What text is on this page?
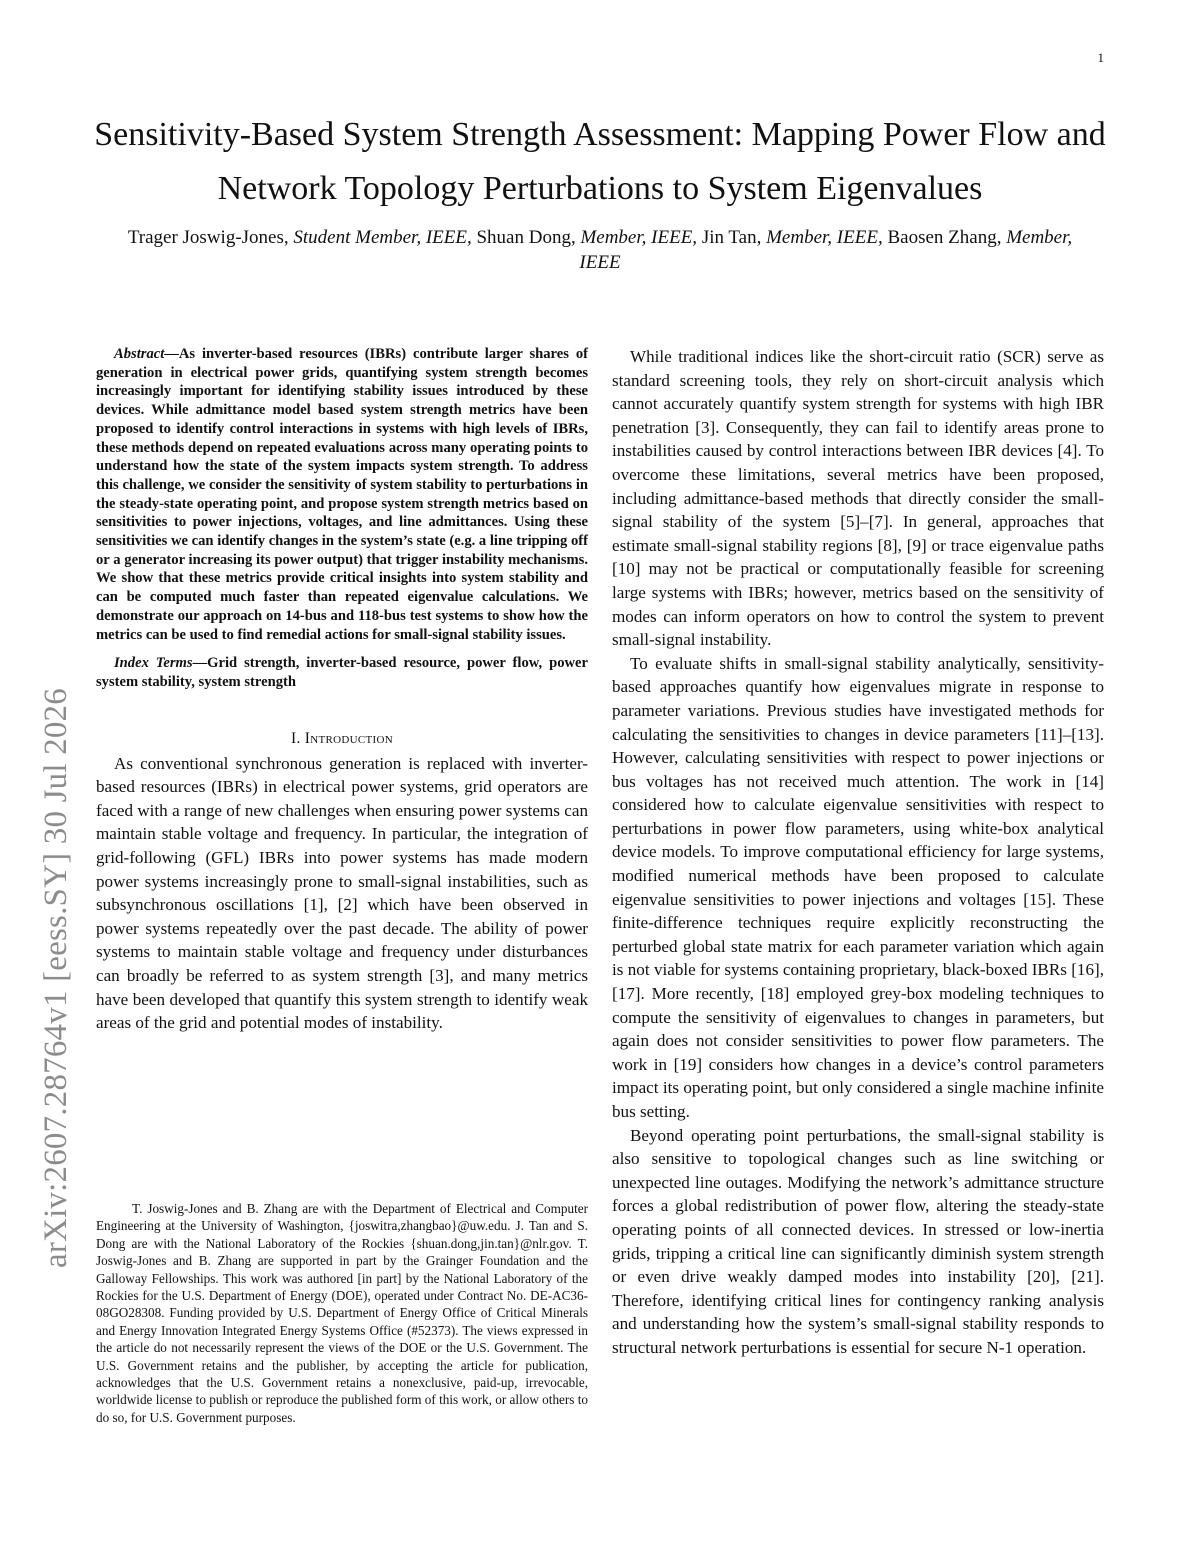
1
arXiv:2607.28764v1 [eess.SY] 30 Jul 2026
Sensitivity-Based System Strength Assessment: Mapping Power Flow and Network Topology Perturbations to System Eigenvalues
Trager Joswig-Jones, Student Member, IEEE, Shuan Dong, Member, IEEE, Jin Tan, Member, IEEE, Baosen Zhang, Member, IEEE

Abstract—As inverter-based resources (IBRs) contribute larger shares of generation in electrical power grids, quantifying system strength becomes increasingly important for identifying stability issues introduced by these devices. While admittance model based system strength metrics have been proposed to identify control interactions in systems with high levels of IBRs, these methods depend on repeated evaluations across many operating points to understand how the state of the system impacts system strength. To address this challenge, we consider the sensitivity of system stability to perturbations in the steady-state operating point, and propose system strength metrics based on sensitivities to power injections, voltages, and line admittances. Using these sensitivities we can identify changes in the system’s state (e.g. a line tripping off or a generator increasing its power output) that trigger instability mechanisms. We show that these metrics provide critical insights into system stability and can be computed much faster than repeated eigenvalue calculations. We demonstrate our approach on 14-bus and 118-bus test systems to show how the metrics can be used to find remedial actions for small-signal stability issues.

Index Terms—Grid strength, inverter-based resource, power flow, power system stability, system strength

I. Introduction

As conventional synchronous generation is replaced with inverter-based resources (IBRs) in electrical power systems, grid operators are faced with a range of new challenges when ensuring power systems can maintain stable voltage and frequency. In particular, the integration of grid-following (GFL) IBRs into power systems has made modern power systems increasingly prone to small-signal instabilities, such as subsynchronous oscillations [1], [2] which have been observed in power systems repeatedly over the past decade. The ability of power systems to maintain stable voltage and frequency under disturbances can broadly be referred to as system strength [3], and many metrics have been developed that quantify this system strength to identify weak areas of the grid and potential modes of instability.

T. Joswig-Jones and B. Zhang are with the Department of Electrical and Computer Engineering at the University of Washington, {joswitra,zhangbao}@uw.edu. J. Tan and S. Dong are with the National Laboratory of the Rockies {shuan.dong,jin.tan}@nlr.gov. T. Joswig-Jones and B. Zhang are supported in part by the Grainger Foundation and the Galloway Fellowships. This work was authored [in part] by the National Laboratory of the Rockies for the U.S. Department of Energy (DOE), operated under Contract No. DE-AC36-08GO28308. Funding provided by U.S. Department of Energy Office of Critical Minerals and Energy Innovation Integrated Energy Systems Office (#52373). The views expressed in the article do not necessarily represent the views of the DOE or the U.S. Government. The U.S. Government retains and the publisher, by accepting the article for publication, acknowledges that the U.S. Government retains a nonexclusive, paid-up, irrevocable, worldwide license to publish or reproduce the published form of this work, or allow others to do so, for U.S. Government purposes.

While traditional indices like the short-circuit ratio (SCR) serve as standard screening tools, they rely on short-circuit analysis which cannot accurately quantify system strength for systems with high IBR penetration [3]. Consequently, they can fail to identify areas prone to instabilities caused by control interactions between IBR devices [4]. To overcome these limitations, several metrics have been proposed, including admittance-based methods that directly consider the small-signal stability of the system [5]–[7]. In general, approaches that estimate small-signal stability regions [8], [9] or trace eigenvalue paths [10] may not be practical or computationally feasible for screening large systems with IBRs; however, metrics based on the sensitivity of modes can inform operators on how to control the system to prevent small-signal instability.

To evaluate shifts in small-signal stability analytically, sensitivity-based approaches quantify how eigenvalues migrate in response to parameter variations. Previous studies have investigated methods for calculating the sensitivities to changes in device parameters [11]–[13]. However, calculating sensitivities with respect to power injections or bus voltages has not received much attention. The work in [14] considered how to calculate eigenvalue sensitivities with respect to perturbations in power flow parameters, using white-box analytical device models. To improve computational efficiency for large systems, modified numerical methods have been proposed to calculate eigenvalue sensitivities to power injections and voltages [15]. These finite-difference techniques require explicitly reconstructing the perturbed global state matrix for each parameter variation which again is not viable for systems containing proprietary, black-boxed IBRs [16], [17]. More recently, [18] employed grey-box modeling techniques to compute the sensitivity of eigenvalues to changes in parameters, but again does not consider sensitivities to power flow parameters. The work in [19] considers how changes in a device’s control parameters impact its operating point, but only considered a single machine infinite bus setting.

Beyond operating point perturbations, the small-signal stability is also sensitive to topological changes such as line switching or unexpected line outages. Modifying the network’s admittance structure forces a global redistribution of power flow, altering the steady-state operating points of all connected devices. In stressed or low-inertia grids, tripping a critical line can significantly diminish system strength or even drive weakly damped modes into instability [20], [21]. Therefore, identifying critical lines for contingency ranking analysis and understanding how the system’s small-signal stability responds to structural network perturbations is essential for secure N-1 operation.
